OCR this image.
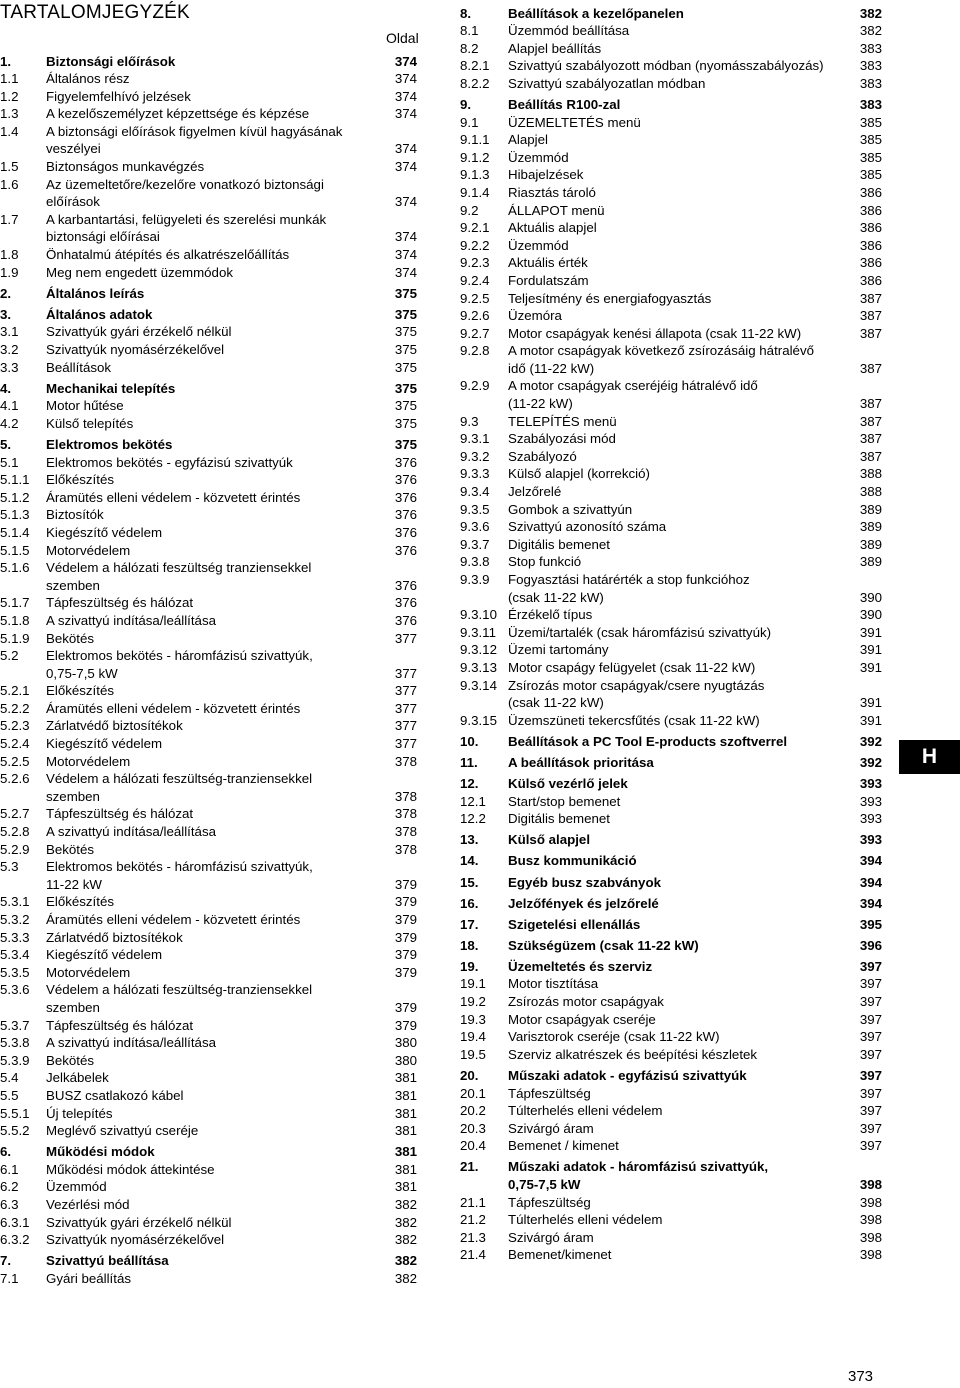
TARTALOMJEGYZÉK
Oldal
1.	Biztonsági előírások	374
1.1 Általános rész	374
1.2 Figyelemfelhívó jelzések	374
1.3 A kezelőszemélyzet képzettsége és képzése	374
1.4 A biztonsági előírások figyelmen kívül hagyásának
veszélyei	374
1.5 Biztonságos munkavégzés	374
1.6 Az üzemeltetőre/kezelőre vonatkozó biztonsági
előírások	374
1.7 A karbantartási, felügyeleti és szerelési munkák
biztonsági előírásai	374
1.8 Önhatalmú átépítés és alkatrészelőállítás	374
1.9 Meg nem engedett üzemmódok	374
2.	Általános leírás	375
3.	Általános adatok	375
3.1 Szivattyúk gyári érzékelő nélkül	375
3.2 Szivattyúk nyomásérzékelővel	375
3.3 Beállítások	375
4.	Mechanikai telepítés	375
4.1 Motor hűtése	375
4.2 Külső telepítés	375
5.	Elektromos bekötés	375
5.1 Elektromos bekötés - egyfázisú szivattyúk	376
5.1.1 Előkészítés	376
5.1.2 Áramütés elleni védelem - közvetett érintés	376
5.1.3 Biztosítók	376
5.1.4 Kiegészítő védelem	376
5.1.5 Motorvédelem	376
5.1.6 Védelem a hálózati feszültség tranziensekkel
szemben	376
5.1.7 Tápfeszültség és hálózat	376
5.1.8 A szivattyú indítása/leállítása	376
5.1.9 Bekötés	377
5.2 Elektromos bekötés - háromfázisú szivattyúk,
0,75-7,5 kW	377
5.2.1 Előkészítés	377
5.2.2 Áramütés elleni védelem - közvetett érintés	377
5.2.3 Zárlatvédő biztosítékok	377
5.2.4 Kiegészítő védelem	377
5.2.5 Motorvédelem	378
5.2.6 Védelem a hálózati feszültség-tranziensekkel
szemben	378
5.2.7 Tápfeszültség és hálózat	378
5.2.8 A szivattyú indítása/leállítása	378
5.2.9 Bekötés	378
5.3 Elektromos bekötés - háromfázisú szivattyúk,
11-22 kW	379
5.3.1 Előkészítés	379
5.3.2 Áramütés elleni védelem - közvetett érintés	379
5.3.3 Zárlatvédő biztosítékok	379
5.3.4 Kiegészítő védelem	379
5.3.5 Motorvédelem	379
5.3.6 Védelem a hálózati feszültség-tranziensekkel
szemben	379
5.3.7 Tápfeszültség és hálózat	379
5.3.8 A szivattyú indítása/leállítása	380
5.3.9 Bekötés	380
5.4 Jelkábelek	381
5.5 BUSZ csatlakozó kábel	381
5.5.1 Új telepítés	381
5.5.2 Meglévő szivattyú cseréje	381
6.	Működési módok	381
6.1 Működési módok áttekintése	381
6.2 Üzemmód	381
6.3 Vezérlési mód	382
6.3.1 Szivattyúk gyári érzékelő nélkül	382
6.3.2 Szivattyúk nyomásérzékelővel	382
7.	Szivattyú beállítása	382
7.1 Gyári beállítás	382
8.	Beállítások a kezelőpanelen	382
8.1 Üzemmód beállítása	382
8.2 Alapjel beállítás	383
8.2.1 Szivattyú szabályozott módban (nyomásszabályozás)	383
8.2.2 Szivattyú szabályozatlan módban	383
9.	Beállítás R100-zal	383
9.1 ÜZEMELTETÉS menü	385
9.1.1 Alapjel	385
9.1.2 Üzemmód	385
9.1.3 Hibajelzések	385
9.1.4 Riasztás tároló	386
9.2 ÁLLAPOT menü	386
9.2.1 Aktuális alapjel	386
9.2.2 Üzemmód	386
9.2.3 Aktuális érték	386
9.2.4 Fordulatszám	386
9.2.5 Teljesítmény és energiafogyasztás	387
9.2.6 Üzemóra	387
9.2.7 Motor csapágyak kenési állapota (csak 11-22 kW)	387
9.2.8 A motor csapágyak következő zsírozásáig hátralévő
idő (11-22 kW)	387
9.2.9 A motor csapágyak cseréjéig hátralévő idő
(11-22 kW)	387
9.3 TELEPÍTÉS menü	387
9.3.1 Szabályozási mód	387
9.3.2 Szabályozó	387
9.3.3 Külső alapjel (korrekció)	388
9.3.4 Jelzőrelé	388
9.3.5 Gombok a szivattyún	389
9.3.6 Szivattyú azonosító száma	389
9.3.7 Digitális bemenet	389
9.3.8 Stop funkció	389
9.3.9 Fogyasztási határérték a stop funkcióhoz
(csak 11-22 kW)	390
9.3.10 Érzékelő típus	390
9.3.11 Üzemi/tartalék (csak háromfázisú szivattyúk)	391
9.3.12 Üzemi tartomány	391
9.3.13 Motor csapágy felügyelet (csak 11-22 kW)	391
9.3.14 Zsírozás motor csapágyak/csere nyugtázás
(csak 11-22 kW)	391
9.3.15 Üzemszüneti tekercsfűtés (csak 11-22 kW)	391
10. Beállítások a PC Tool E-products szoftverrel	392
11. A beállítások prioritása	392
12. Külső vezérlő jelek	393
12.1 Start/stop bemenet	393
12.2 Digitális bemenet	393
13. Külső alapjel	393
14. Busz kommunikáció	394
15. Egyéb busz szabványok	394
16. Jelzőfények és jelzőrelé	394
17. Szigetelési ellenállás	395
18. Szükségüzem (csak 11-22 kW)	396
19. Üzemeltetés és szerviz	397
19.1 Motor tisztítása	397
19.2 Zsírozás motor csapágyak	397
19.3 Motor csapágyak cseréje	397
19.4 Varisztorok cseréje (csak 11-22 kW)	397
19.5 Szerviz alkatrészek és beépítési készletek	397
20. Műszaki adatok - egyfázisú szivattyúk	397
20.1 Tápfeszültség	397
20.2 Túlterhelés elleni védelem	397
20.3 Szivárgó áram	397
20.4 Bemenet / kimenet	397
21. Műszaki adatok - háromfázisú szivattyúk,
0,75-7,5 kW	398
21.1 Tápfeszültség	398
21.2 Túlterhelés elleni védelem	398
21.3 Szivárgó áram	398
21.4 Bemenet/kimenet	398
H
373
